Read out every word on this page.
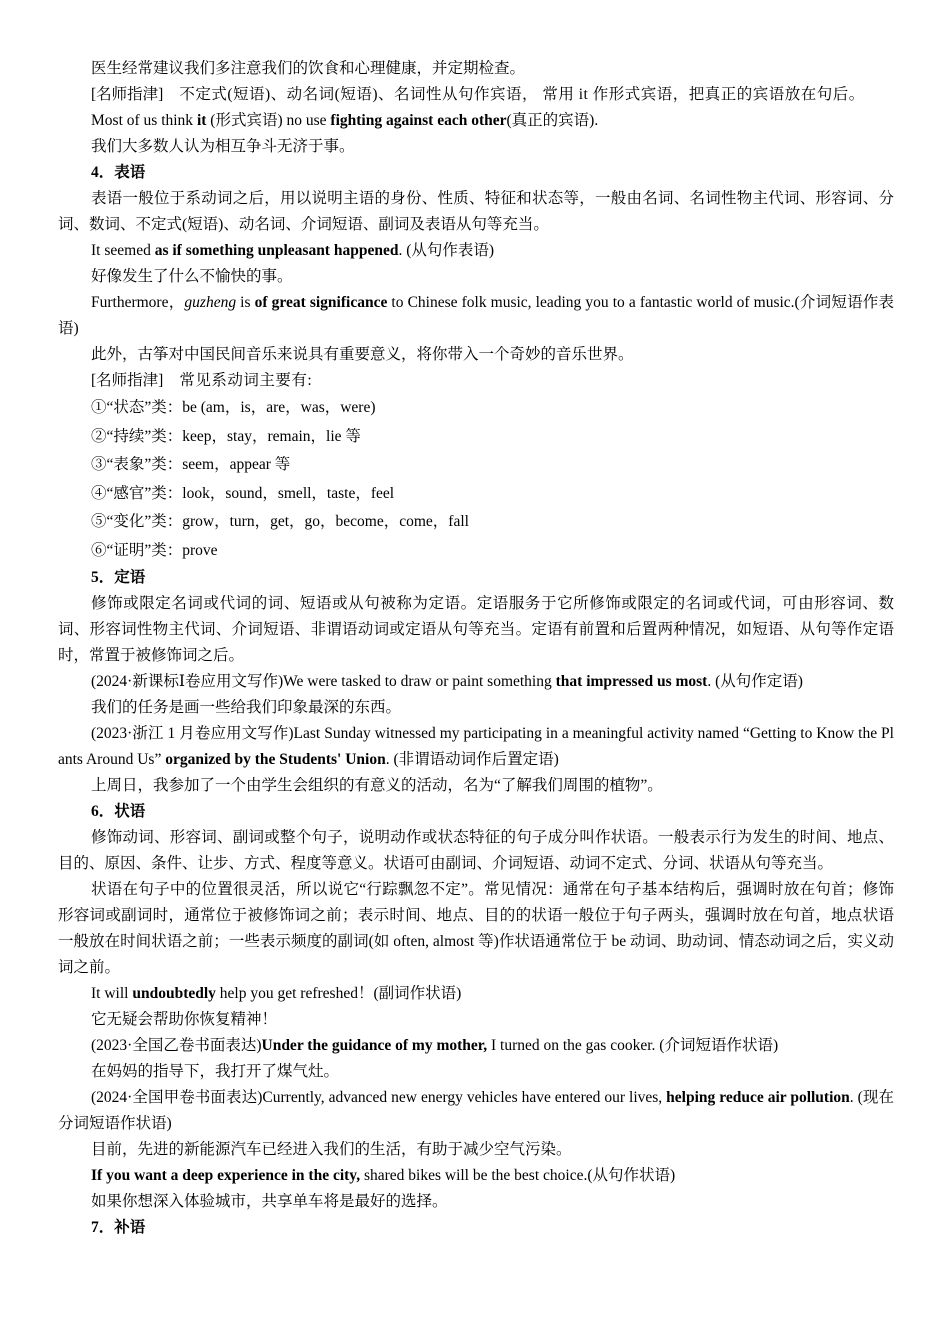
医生经常建议我们多注意我们的饮食和心理健康，并定期检查。

[名师指津]　不定式(短语)、动名词(短语)、名词性从句作宾语， 常用 it 作形式宾语，把真正的宾语放在句后。

Most of us think it (形式宾语) no use fighting against each other(真正的宾语).

我们大多数人认为相互争斗无济于事。

4．表语

表语一般位于系动词之后，用以说明主语的身份、性质、特征和状态等，一般由名词、名词性物主代词、形容词、分词、数词、不定式(短语)、动名词、介词短语、副词及表语从句等充当。

It seemed as if something unpleasant happened. (从句作表语)

好像发生了什么不愉快的事。

Furthermore，guzheng is of great significance to Chinese folk music, leading you to a fantastic world of music.(介词短语作表语)

此外，古筝对中国民间音乐来说具有重要意义，将你带入一个奇妙的音乐世界。

[名师指津]　常见系动词主要有:

①“状态”类：be (am，is，are，was，were)

②“持续”类：keep，stay，remain，lie 等

③“表象”类：seem，appear 等

④“感官”类：look，sound，smell，taste，feel

⑤“变化”类：grow，turn，get，go，become，come，fall

⑥“证明”类：prove

5．定语

修饰或限定名词或代词的词、短语或从句被称为定语。定语服务于它所修饰或限定的名词或代词，可由形容词、数词、形容词性物主代词、介词短语、非谓语动词或定语从句等充当。定语有前置和后置两种情况，如短语、从句等作定语时，常置于被修饰词之后。

(2024·新课标Ⅰ卷应用文写作)We were tasked to draw or paint something that impressed us most. (从句作定语)

我们的任务是画一些给我们印象最深的东西。

(2023·浙江 1 月卷应用文写作)Last Sunday witnessed my participating in a meaningful activity named “Getting to Know the Plants Around Us” organized by the Students' Union. (非谓语动词作后置定语)

上周日，我参加了一个由学生会组织的有意义的活动，名为“了解我们周围的植物”。

6．状语

修饰动词、形容词、副词或整个句子，说明动作或状态特征的句子成分叫作状语。一般表示行为发生的时间、地点、目的、原因、条件、让步、方式、程度等意义。状语可由副词、介词短语、动词不定式、分词、状语从句等充当。

状语在句子中的位置很灵活，所以说它“行踪飘忽不定”。常见情况：通常在句子基本结构后，强调时放在句首；修饰形容词或副词时，通常位于被修饰词之前；表示时间、地点、目的的状语一般位于句子两头，强调时放在句首，地点状语一般放在时间状语之前；一些表示频度的副词(如 often, almost 等)作状语通常位于 be 动词、助动词、情态动词之后，实义动词之前。

It will undoubtedly help you get refreshed！(副词作状语)

它无疑会帮助你恢复精神！

(2023·全国乙卷书面表达)Under the guidance of my mother, I turned on the gas cooker. (介词短语作状语)

在妈妈的指导下，我打开了煤气灶。

(2024·全国甲卷书面表达)Currently, advanced new energy vehicles have entered our lives, helping reduce air pollution. (现在分词短语作状语)

目前，先进的新能源汽车已经进入我们的生活，有助于减少空气污染。

If you want a deep experience in the city, shared bikes will be the best choice.(从句作状语)

如果你想深入体验城市，共享单车将是最好的选择。

7．补语
